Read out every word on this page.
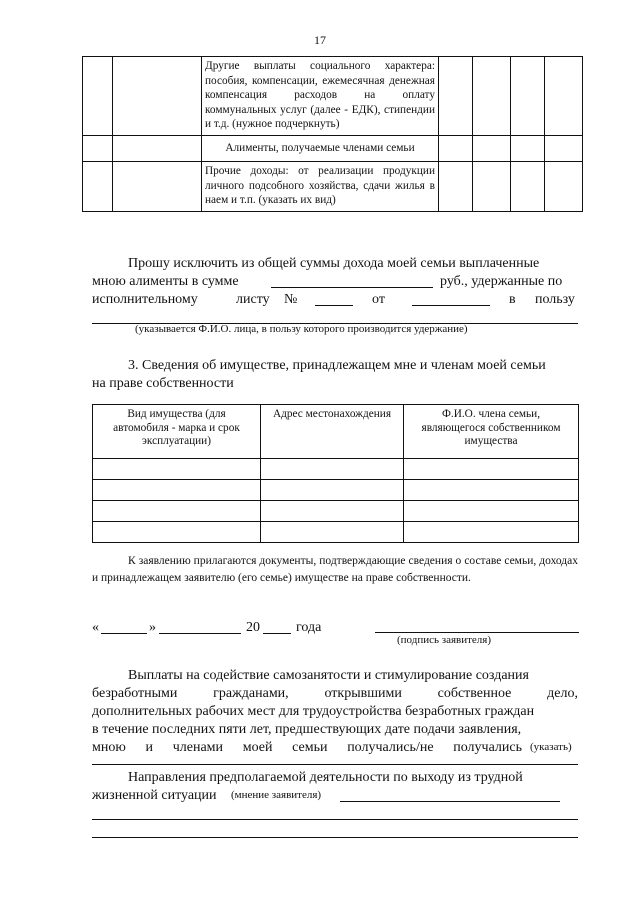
17
		Другие выплаты социального характера: пособия, компенсации, ежемесячная денежная компенсация расходов на оплату коммунальных услуг (далее - ЕДК), стипендии и т.д. (нужное подчеркнуть)				
		Алименты, получаемые членами семьи				
		Прочие доходы: от реализации продукции личного подсобного хозяйства, сдачи жилья в наем и т.п. (указать их вид)				
Прошу исключить из общей суммы дохода моей семьи выплаченные
мною алименты в сумме	руб., удержанные по
исполнительному	листу №	от	в пользу
(указывается Ф.И.О. лица, в пользу которого производится удержание)
3. Сведения об имуществе, принадлежащем мне и членам моей семьи
на праве собственности
Вид имущества (для автомобиля - марка и срок эксплуатации)	Адрес местонахождения	Ф.И.О. члена семьи, являющегося собственником имущества

К заявлению прилагаются документы, подтверждающие сведения о составе семьи, доходах и принадлежащем заявителю (его семье) имуществе на праве собственности.
«	»	20	года
(подпись заявителя)
Выплаты на содействие самозанятости и стимулирование создания
безработными гражданами, открывшими собственное дело,
дополнительных рабочих мест для трудоустройства безработных граждан
в течение последних пяти лет, предшествующих дате подачи заявления,
мною и членами моей семьи получались/не получались (указать)
Направления предполагаемой деятельности по выходу из трудной
жизненной ситуации (мнение заявителя)
